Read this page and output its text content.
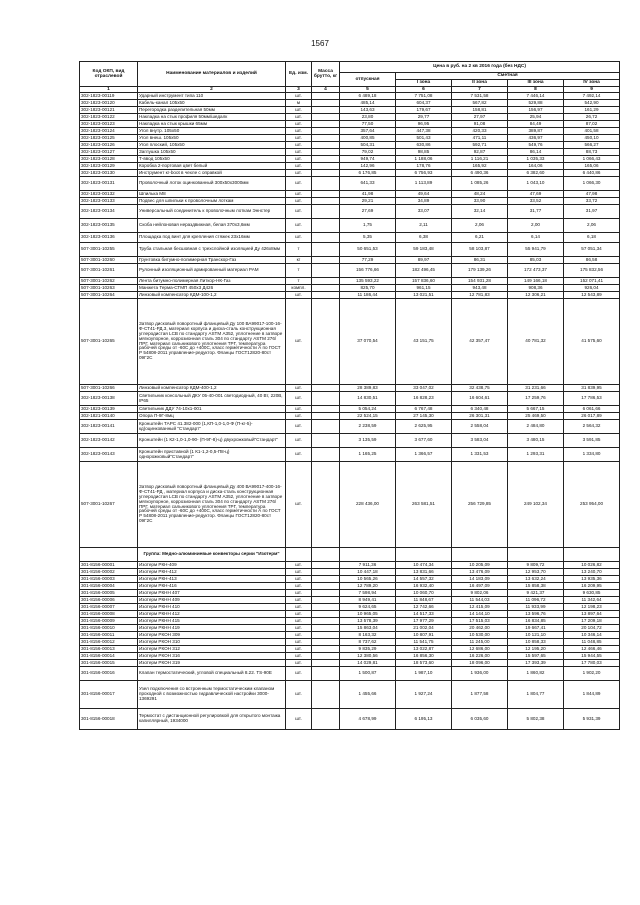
1567
Код ОКП, вид отраслевой	Наименование материалов и изделий	Ед. изм.	Масса брутто, кг	Цена в руб. на 2 кв 2016 года (без НДС)				
				отпускная	Сметная			
					I зона	II зона	III зона	IV зона
1	2	3	4	5	6	7	8	9
302-1823-00119	Ударный инструмент типа 110	шт.		6 489,18	7 751,08	7 531,58	7 446,14	7 492,14
302-1823-00120	Кабель-канал 105х50	м		485,14	604,37	567,82	529,88	542,90
302-1823-00121	Перегородка разделительная 50мм	шт.		143,63	179,67	158,81	156,97	161,29
302-1823-00122	Накладка на стык профиля 50мм/шедалк	шт.		23,80	29,77	27,97	25,94	26,72
302-1823-00123	Накладка на стык крышки 65мм	шт.		77,50	96,95	91,08	84,49	87,02
302-1823-00124	Угол внутр. 105х50	шт.		357,64	447,38	420,33	389,87	401,58
302-1823-00125	Угол внеш. 105х50	шт.		400,85	501,43	471,11	436,97	450,10
302-1823-00126	Угол плоский, 105х50	шт.		504,31	630,86	592,71	549,76	566,27
302-1823-00127	Заглушка 105х50	шт.		79,02	98,85	92,87	86,14	88,73
302-1823-00128	Т-ввод 105х50	шт.		949,74	1 188,06	1 116,21	1 035,33	1 066,43
302-1823-00129	Коробка 2-портовая цвет белый	шт.		142,96	178,76	165,92	164,06	165,06
302-1823-00130	Инструмент кг-boot в чехле с оправкой	шт.		6 176,85	6 756,93	6 490,36	6 382,60	6 440,86
302-1823-00131	Проволочный лоток оцинкованный 300х50х3000мм	шт.		641,33	1 113,89	1 085,26	1 043,10	1 066,30
302-1823-00132	Шпилька М8	шт.		41,98	49,64	48,24	47,69	47,98
302-1823-00133	Подвес для шпильки к проволочным лоткам	шт.		29,21	34,89	33,90	33,52	33,72
302-1823-00134	Универсальный соединитель к проволочным лоткам Эннстер	шт.		27,69	33,07	32,14	31,77	31,97
302-1823-00135	Скоба нейлоновая нераздвижная, белая 370х3,6мм	шт.		1,75	2,11	2,06	2,00	2,06
302-1823-00136	Площадка под винт для крепления стяжек 23х16мм	шт.		5,35	6,38	6,21	6,14	6,18
507-3001-10255	Труба стальная бесшовная с трехслойной изоляцией Ду 426х8мм	т		50 651,53	59 183,48	58 103,87	55 941,79	57 051,34
507-3001-10260	Грунтовка битумно-полимерная Транскор-Газ	кг		77,29	89,97	86,31	85,03	86,58
507-3001-10261	Рулонный изоляционный армированный материал РАМ	т		156 776,66	182 496,45	179 139,26	172 473,37	175 832,56
507-3001-10262	Лента битумно-полимерная Литкор-НК-Газ	т		135 593,22	157 836,60	154 931,28	149 166,18	152 071,41
507-3001-10263	Манжета Терма-СТМП 450х3 Д426	компл.		825,70	961,15	943,48	908,36	926,04
507-3001-10264	Линзовый компенсатор КДМ-100-1,2	шт.		11 186,44	13 021,51	12 781,83	12 306,21	12 543,89
507-3001-10265	Затвор дисковый поворотный фланцевый Ду 100 ВА99017-100-16-Ф-СТ41-РД.3, материал корпуса и диска-сталь конструкционная углеродистая LCB по стандарту АSТМ А352, уплотнение в затворе мягкоупорное, коррозионная сталь 304 по стандарту АSТМ 276/ПРГ, материал сальникового уплотнения ТРГ, температура рабочей среды от -60С до +400С, класс герметичности А по ГОСТ Р 54808-2011 управление-редуктор. Фланцы ГОСТ12820-80ст 09Г2С	шт.		37 070,54	43 151,75	42 357,47	40 781,32	41 575,60
507-3001-10266	Линзовый компенсатор КДМ-400-1,2	шт.		28 389,83	33 047,02	32 438,75	31 231,66	31 839,95
302-1823-00138	Светильник консольный ДКУ 05-40-001 светодиодный, 40 Вт, 220В, IP65	шт.		14 830,51	16 828,23	16 604,61	17 259,76	17 786,53
302-1823-00139	Светильник ДДУ 74-10х1-001	шт.		5 054,24	6 767,48	6 340,48	5 667,15	6 061,66
302-1821-00140	Опора П-9Г-8мц	шт.		22 524,15	27 145,30	26 301,31	25 469,50	26 017,89
302-1823-00141	Кронштейн ТАРС 41.382-000 (1,КП-1,0-1,0-Ф (П-кг-5)-кд)оцинкованный "Стандарт"	шт.		2 238,59	2 625,95	2 558,04	2 484,80	2 564,32
302-1823-00142	Кронштейн (1 К2-1,0-1,0-90- (П-9Г-8)-ц) двухрожковый"Стандарт"	шт.		3 135,59	3 677,60	3 583,04	3 480,15	3 591,85
302-1823-00143	Кронштейн приставной (1 К1-1,2-0,5-П8-ц) однорожковый"Стандарт"	шт.		1 165,25	1 366,57	1 331,53	1 293,31	1 334,80
507-3001-10267	Затвор дисковый поворотный фланцевый Ду 400 ВА99017-400-16-Ф-СТ41-РД , материал корпуса и диска-сталь конструкционная углеродистая LCB по стандарту АSТМ А352, уплотнение в затворе мягкоупорное, коррозионная сталь 304 по стандарту АSТМ 276/ПРГ, материал сальникового уплотнения ТРГ, температура рабочей среды от -60С до +400С, класс герметичности А по ГОСТ Р 54808-2011 управление-редуктор. Фланцы ГОСТ12820-80ст 09Г2С	шт.		228 436,00	263 581,51	256 729,85	249 102,34	253 954,00
	Группа: Медно-алюминиевые конвекторы серии "Изотерм"							
301-8156-00001	Изотерм РКН-409	шт.		7 911,36	10 474,34	10 205,09	9 809,72	10 026,82
301-8156-00002	Изотерм РКН-412	шт.		10 447,18	13 831,66	13 476,09	12 953,70	13 240,70
301-8156-00003	Изотерм РКН-413	шт.		10 565,26	14 557,32	14 183,09	13 632,24	13 935,36
301-8156-00004	Изотерм РКН-416	шт.		12 789,20	16 932,40	16 497,09	15 858,38	16 209,95
301-8156-00005	Изотерм РКНН 407	шт.		7 598,94	10 060,70	9 802,06	9 421,37	9 630,85
301-8156-00006	Изотерм РКНН 409	шт.		8 949,41	11 848,67	11 544,03	11 096,72	11 342,64
301-8156-00007	Изотерм РКНН 410	шт.		9 624,65	12 742,66	12 415,09	11 933,99	12 198,23
301-8156-00008	Изотерм РКНН 412	шт.		10 965,05	14 517,33	14 144,10	13 596,76	13 897,64
301-8156-00009	Изотерм РКНН 415	шт.		13 578,39	17 977,29	17 515,03	16 834,85	17 209,18
301-8156-00010	Изотерм РКНН 419	шт.		15 863,04	21 002,04	20 462,00	19 667,41	20 104,72
301-8156-00011	Изотерм РКОН 309	шт.		8 163,32	10 807,91	10 530,00	10 121,10	10 346,14
301-8156-00012	Изотерм РКОН 310	шт.		8 737,62	11 541,75	11 245,00	10 858,33	11 048,85
301-8156-00013	Изотерм РКОН 312	шт.		9 835,29	13 022,87	12 686,00	12 195,20	12 466,46
301-8156-00014	Изотерм РКОН 316	шт.		12 380,56	16 856,30	16 226,00	15 597,65	15 944,55
301-8156-00015	Изотерм РКОН 319	шт.		14 029,81	18 573,60	18 096,00	17 393,39	17 780,03
301-8156-00016	Клапан термостатический, угловой специальный 8.22. TS-90E	шт.		1 500,87	1 987,10	1 936,00	1 860,82	1 902,20
301-8156-00017	Узел подключения со встроенным термостатическим клапаном проходной с возможностью гидравлической настройки 3000-1369291	шт.		1 455,66	1 927,24	1 877,58	1 804,77	1 844,89
301-8156-00018	Термостат с дистанционной регулировкой для открытого монтажа капиллярный, 1934000	шт.		4 678,99	6 195,13	6 035,60	5 802,38	5 931,39
